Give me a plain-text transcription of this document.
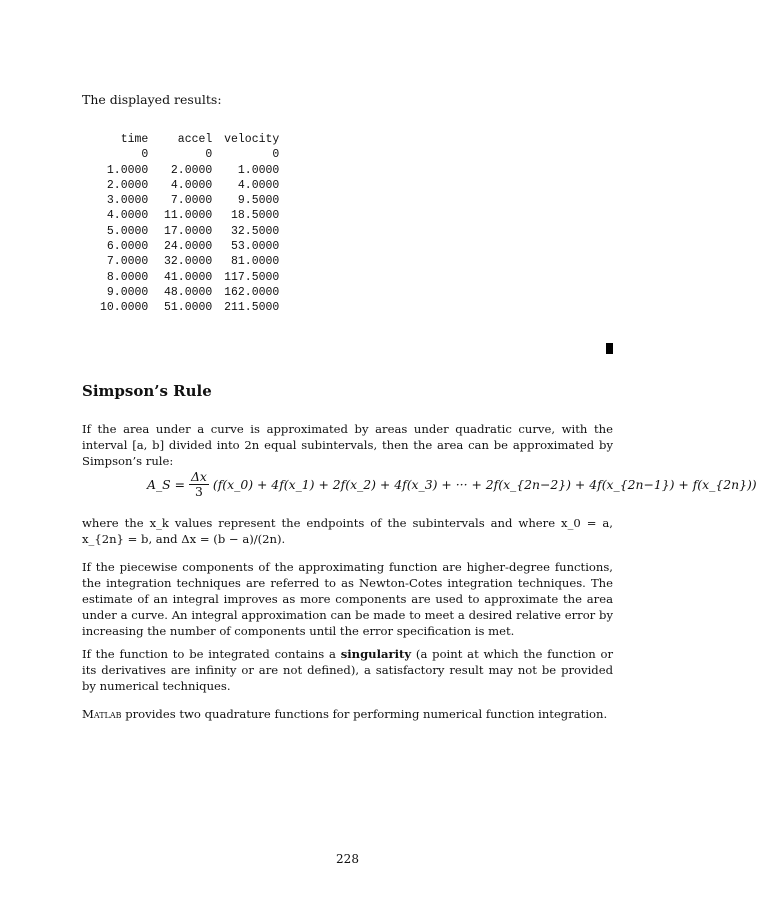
The displayed results:
time	accel	velocity
0	0	0
1.0000	2.0000	1.0000
2.0000	4.0000	4.0000
3.0000	7.0000	9.5000
4.0000	11.0000	18.5000
5.0000	17.0000	32.5000
6.0000	24.0000	53.0000
7.0000	32.0000	81.0000
8.0000	41.0000	117.5000
9.0000	48.0000	162.0000
10.0000	51.0000	211.5000
Simpson’s Rule
If the area under a curve is approximated by areas under quadratic curve, with the interval [a, b] divided into 2n equal subintervals, then the area can be approximated by Simpson’s rule:
A_S = $\frac{\Delta x}{3}$ (f(x_0) + 4f(x_1) + 2f(x_2) + 4f(x_3) + ··· + 2f(x_{2n−2}) + 4f(x_{2n−1}) + f(x_{2n}))
where the x_k values represent the endpoints of the subintervals and where x_0 = a, x_{2n} = b, and Δx = (b − a)/(2n).
If the piecewise components of the approximating function are higher-degree functions, the integration techniques are referred to as Newton-Cotes integration techniques. The estimate of an integral improves as more components are used to approximate the area under a curve. An integral approximation can be made to meet a desired relative error by increasing the number of components until the error specification is met.
If the function to be integrated contains a singularity (a point at which the function or its derivatives are infinity or are not defined), a satisfactory result may not be provided by numerical techniques.
Matlab provides two quadrature functions for performing numerical function integration.
228
